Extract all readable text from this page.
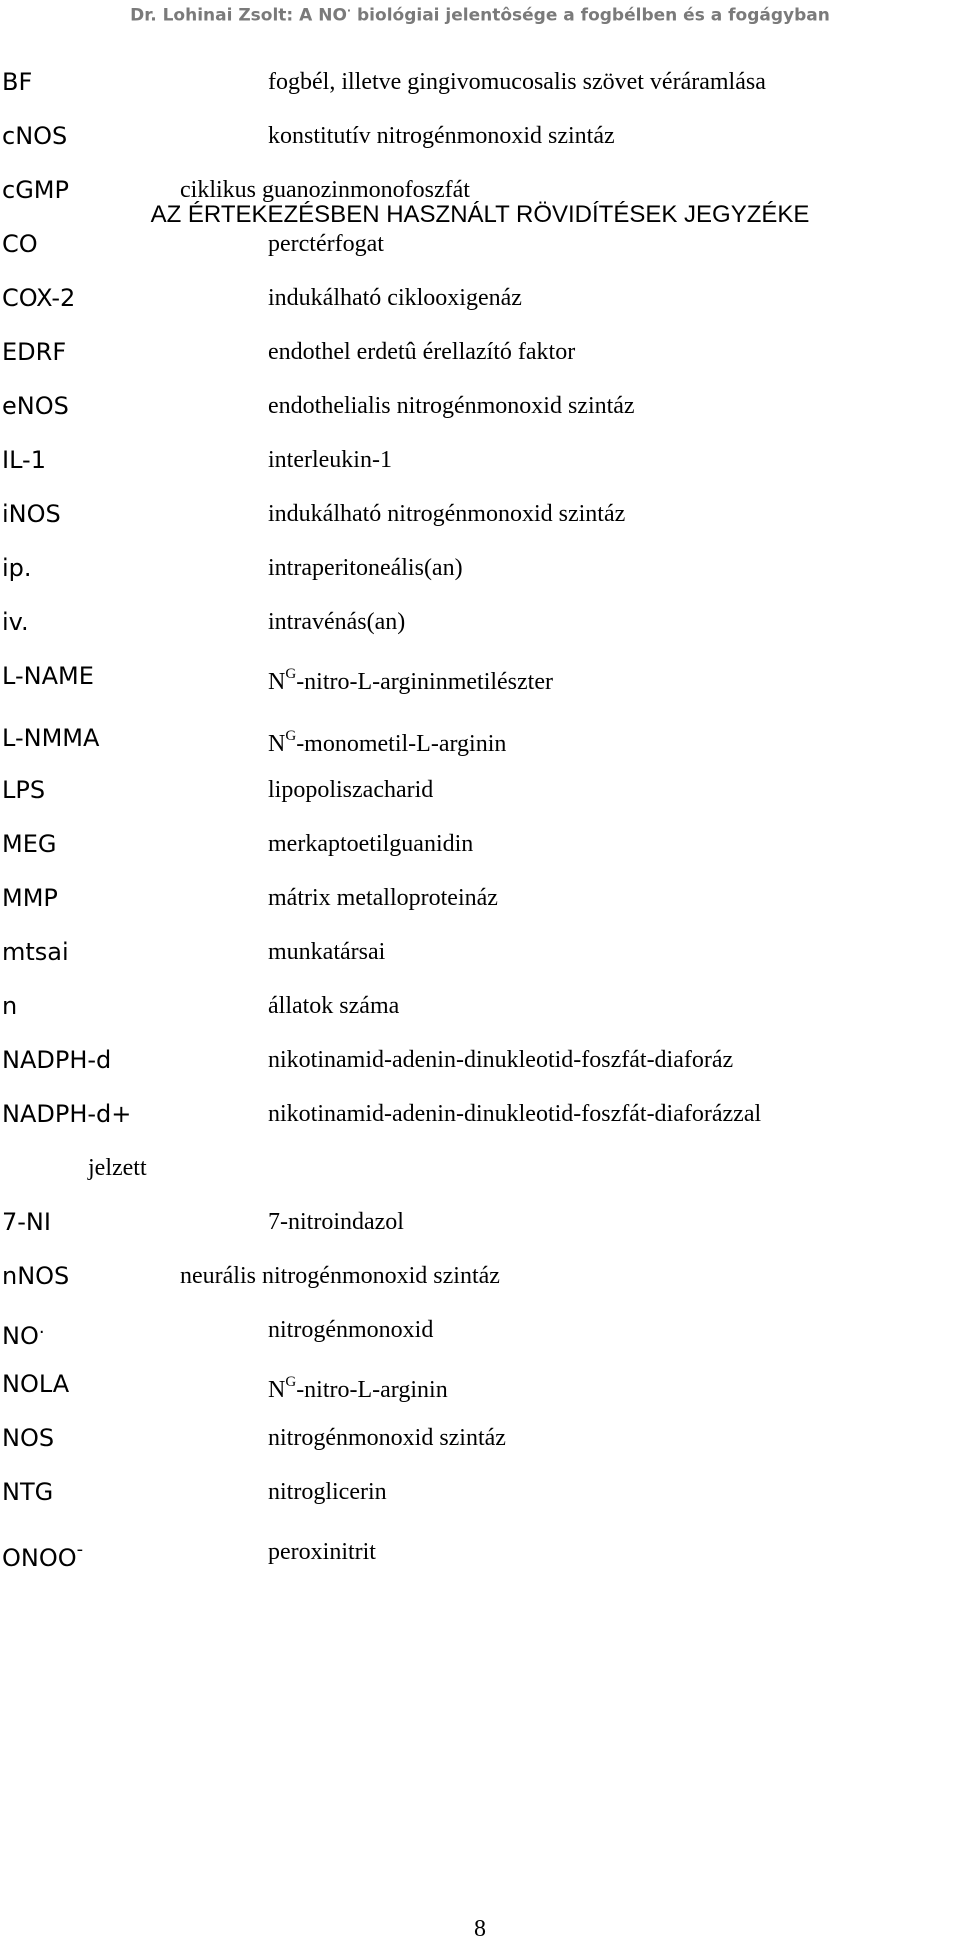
Dr. Lohinai Zsolt: A NO· biológiai jelentôsége a fogbélben és a fogágyban
AZ ÉRTEKEZÉSBEN HASZNÁLT RÖVIDÍTÉSEK JEGYZÉKE
BF	fogbél, illetve gingivomucosalis szövet véráramlása
cNOS	konstitutív nitrogénmonoxid szintáz
cGMP	ciklikus guanozinmonofoszfát
CO	perctérfogat
COX-2	indukálható ciklooxigenáz
EDRF	endothel erdetû érellazító faktor
eNOS	endothelialis nitrogénmonoxid szintáz
IL-1	interleukin-1
iNOS	indukálható nitrogénmonoxid szintáz
ip.	intraperitoneális(an)
iv.	intravénás(an)
L-NAME	$N^G-nitro-L$-argininmetilészter
L-NMMA	$N^G-monometil-L$-arginin
LPS	lipopoliszacharid
MEG	merkaptoetilguanidin
MMP	mátrix metalloproteináz
mtsai	munkatársai
n	állatok száma
NADPH-d	nikotinamid-adenin-dinukleotid-foszfát-diaforáz
NADPH-d+	nikotinamid-adenin-dinukleotid-foszfát-diaforázzal
jelzett
7-NI	7-nitroindazol
nNOS	neurális nitrogénmonoxid szintáz
NO.	nitrogénmonoxid
NOLA	$N^G-nitro-L$-arginin
NOS	nitrogénmonoxid szintáz
NTG	nitroglicerin
ONOO-	peroxinitrit
8
